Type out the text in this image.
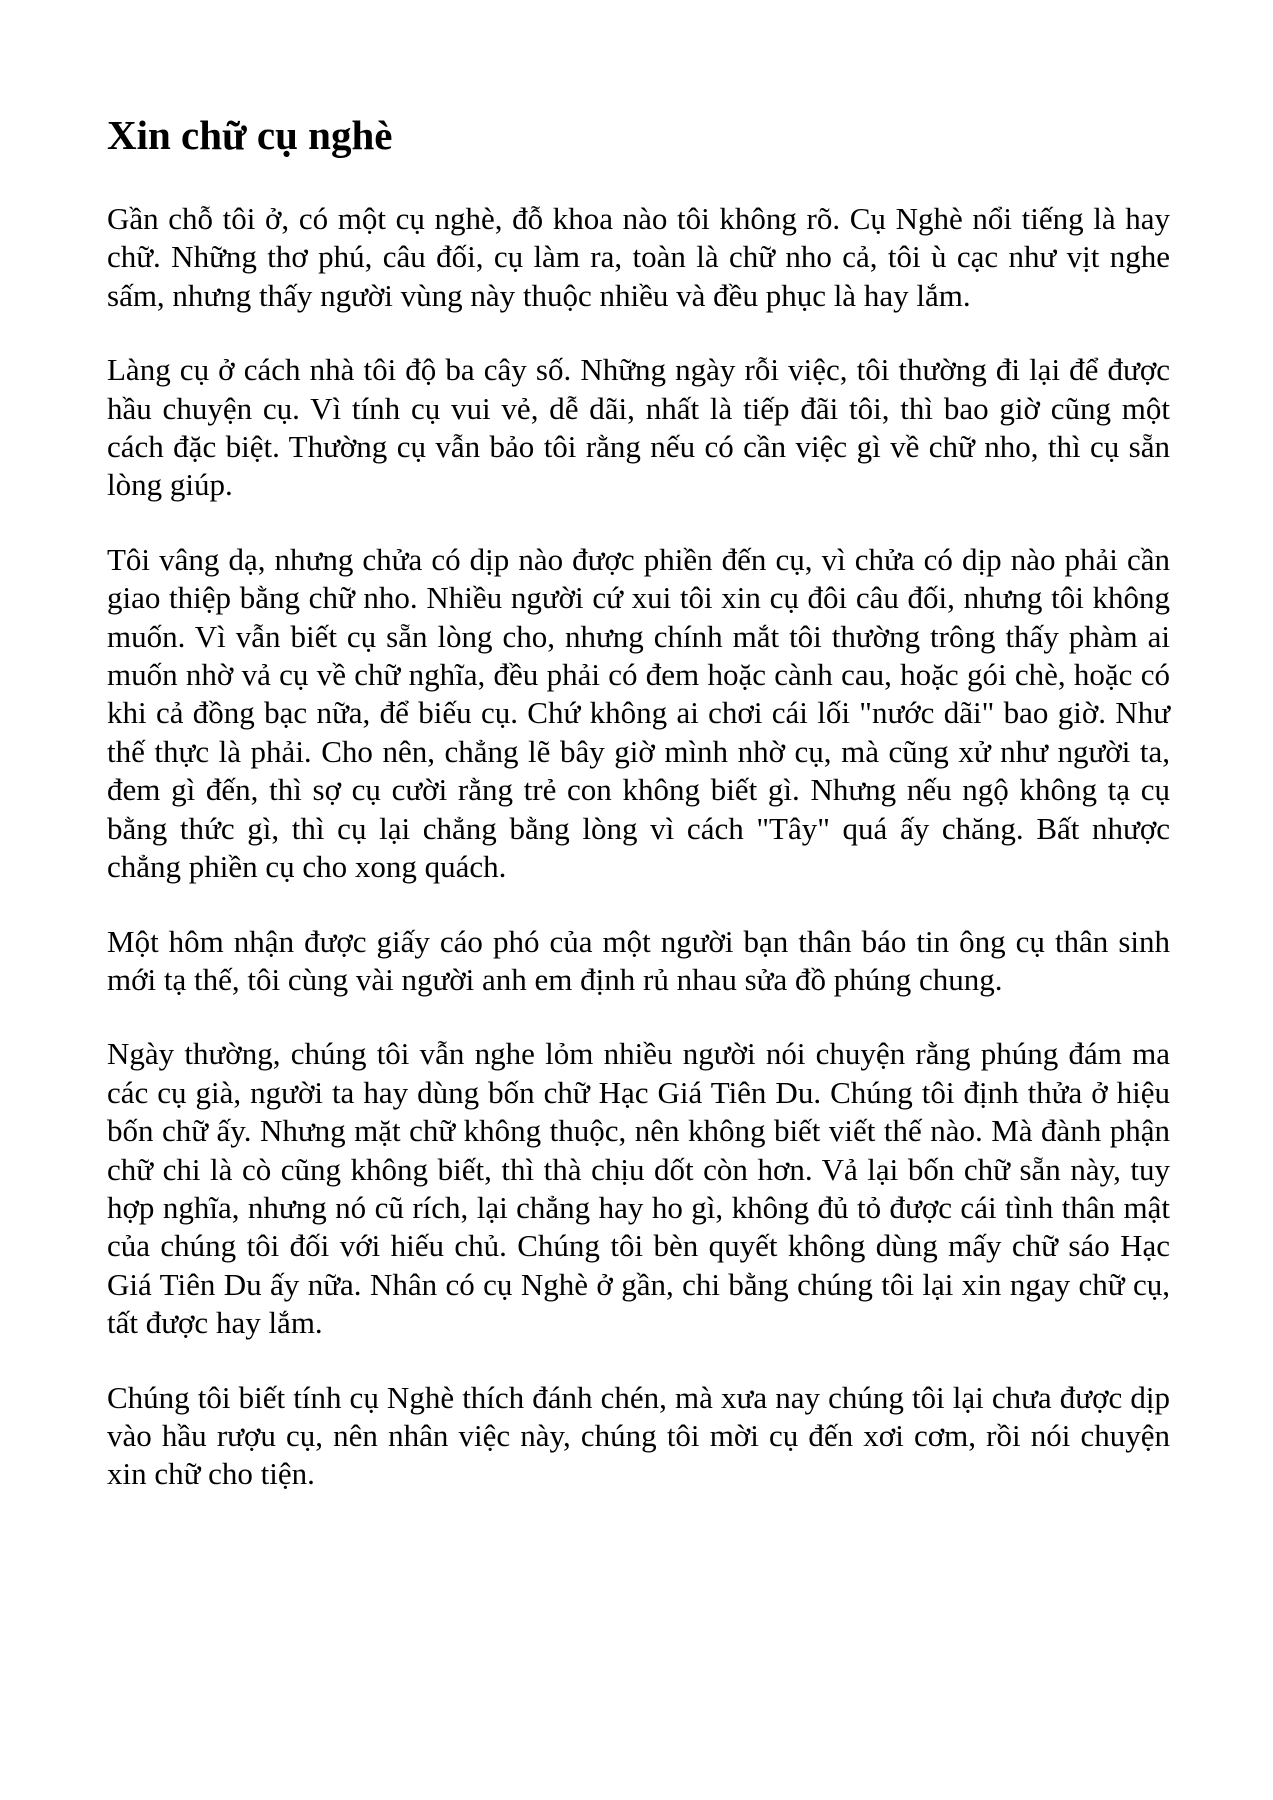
Xin chữ cụ nghè

Gần chỗ tôi ở, có một cụ nghè, đỗ khoa nào tôi không rõ. Cụ Nghè nổi tiếng là hay chữ. Những thơ phú, câu đối, cụ làm ra, toàn là chữ nho cả, tôi ù cạc như vịt nghe sấm, nhưng thấy người vùng này thuộc nhiều và đều phục là hay lắm.

Làng cụ ở cách nhà tôi độ ba cây số. Những ngày rỗi việc, tôi thường đi lại để được hầu chuyện cụ. Vì tính cụ vui vẻ, dễ dãi, nhất là tiếp đãi tôi, thì bao giờ cũng một cách đặc biệt. Thường cụ vẫn bảo tôi rằng nếu có cần việc gì về chữ nho, thì cụ sẵn lòng giúp.

Tôi vâng dạ, nhưng chửa có dịp nào được phiền đến cụ, vì chửa có dịp nào phải cần giao thiệp bằng chữ nho. Nhiều người cứ xui tôi xin cụ đôi câu đối, nhưng tôi không muốn. Vì vẫn biết cụ sẵn lòng cho, nhưng chính mắt tôi thường trông thấy phàm ai muốn nhờ vả cụ về chữ nghĩa, đều phải có đem hoặc cành cau, hoặc gói chè, hoặc có khi cả đồng bạc nữa, để biếu cụ. Chứ không ai chơi cái lối "nước dãi" bao giờ. Như thế thực là phải. Cho nên, chẳng lẽ bây giờ mình nhờ cụ, mà cũng xử như người ta, đem gì đến, thì sợ cụ cười rằng trẻ con không biết gì. Nhưng nếu ngộ không tạ cụ bằng thức gì, thì cụ lại chẳng bằng lòng vì cách "Tây" quá ấy chăng. Bất nhược chẳng phiền cụ cho xong quách.

Một hôm nhận được giấy cáo phó của một người bạn thân báo tin ông cụ thân sinh mới tạ thế, tôi cùng vài người anh em định rủ nhau sửa đồ phúng chung.

Ngày thường, chúng tôi vẫn nghe lỏm nhiều người nói chuyện rằng phúng đám ma các cụ già, người ta hay dùng bốn chữ Hạc Giá Tiên Du. Chúng tôi định thửa ở hiệu bốn chữ ấy. Nhưng mặt chữ không thuộc, nên không biết viết thế nào. Mà đành phận chữ chi là cò cũng không biết, thì thà chịu dốt còn hơn. Vả lại bốn chữ sẵn này, tuy hợp nghĩa, nhưng nó cũ rích, lại chẳng hay ho gì, không đủ tỏ được cái tình thân mật của chúng tôi đối với hiếu chủ. Chúng tôi bèn quyết không dùng mấy chữ sáo Hạc Giá Tiên Du ấy nữa. Nhân có cụ Nghè ở gần, chi bằng chúng tôi lại xin ngay chữ cụ, tất được hay lắm.

Chúng tôi biết tính cụ Nghè thích đánh chén, mà xưa nay chúng tôi lại chưa được dịp vào hầu rượu cụ, nên nhân việc này, chúng tôi mời cụ đến xơi cơm, rồi nói chuyện xin chữ cho tiện.
